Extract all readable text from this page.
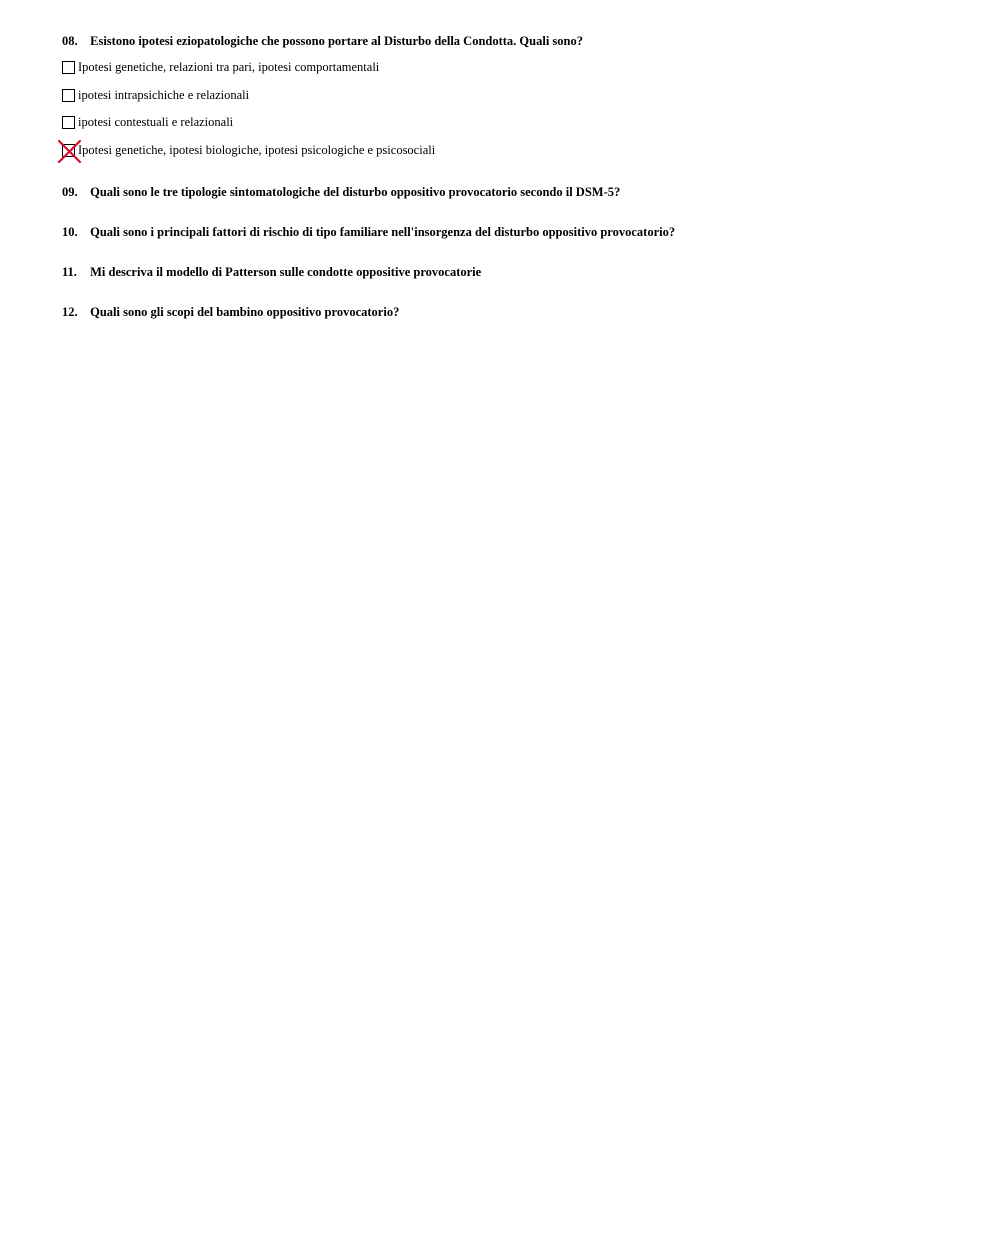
08. Esistono ipotesi eziopatologiche che possono portare al Disturbo della Condotta. Quali sono?
Ipotesi genetiche, relazioni tra pari, ipotesi comportamentali
ipotesi intrapsichiche e relazionali
ipotesi contestuali e relazionali
Ipotesi genetiche, ipotesi biologiche, ipotesi psicologiche e psicosociali
09. Quali sono le tre tipologie sintomatologiche del disturbo oppositivo provocatorio secondo il DSM-5?
10. Quali sono i principali fattori di rischio di tipo familiare nell'insorgenza del disturbo oppositivo provocatorio?
11. Mi descriva il modello di Patterson sulle condotte oppositive provocatorie
12. Quali sono gli scopi del bambino oppositivo provocatorio?
